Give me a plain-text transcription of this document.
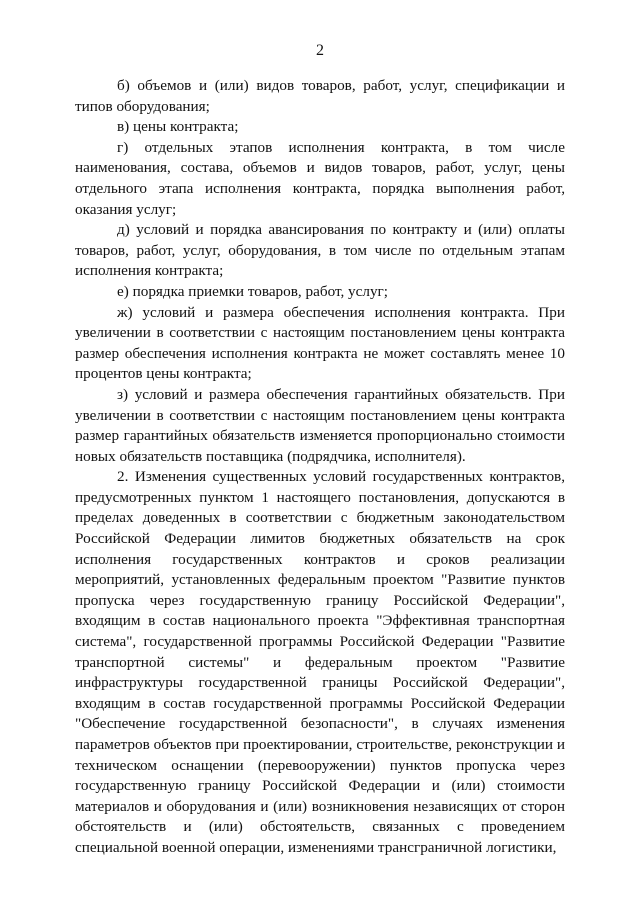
2

б) объемов и (или) видов товаров, работ, услуг, спецификации и типов оборудования;

в) цены контракта;

г) отдельных этапов исполнения контракта, в том числе наименования, состава, объемов и видов товаров, работ, услуг, цены отдельного этапа исполнения контракта, порядка выполнения работ, оказания услуг;

д) условий и порядка авансирования по контракту и (или) оплаты товаров, работ, услуг, оборудования, в том числе по отдельным этапам исполнения контракта;

е) порядка приемки товаров, работ, услуг;

ж) условий и размера обеспечения исполнения контракта. При увеличении в соответствии с настоящим постановлением цены контракта размер обеспечения исполнения контракта не может составлять менее 10 процентов цены контракта;

з) условий и размера обеспечения гарантийных обязательств. При увеличении в соответствии с настоящим постановлением цены контракта размер гарантийных обязательств изменяется пропорционально стоимости новых обязательств поставщика (подрядчика, исполнителя).

2. Изменения существенных условий государственных контрактов, предусмотренных пунктом 1 настоящего постановления, допускаются в пределах доведенных в соответствии с бюджетным законодательством Российской Федерации лимитов бюджетных обязательств на срок исполнения государственных контрактов и сроков реализации мероприятий, установленных федеральным проектом "Развитие пунктов пропуска через государственную границу Российской Федерации", входящим в состав национального проекта "Эффективная транспортная система", государственной программы Российской Федерации "Развитие транспортной системы" и федеральным проектом "Развитие инфраструктуры государственной границы Российской Федерации", входящим в состав государственной программы Российской Федерации "Обеспечение государственной безопасности", в случаях изменения параметров объектов при проектировании, строительстве, реконструкции и техническом оснащении (перевооружении) пунктов пропуска через государственную границу Российской Федерации и (или) стоимости материалов и оборудования и (или) возникновения независящих от сторон обстоятельств и (или) обстоятельств, связанных с проведением специальной военной операции, изменениями трансграничной логистики,
